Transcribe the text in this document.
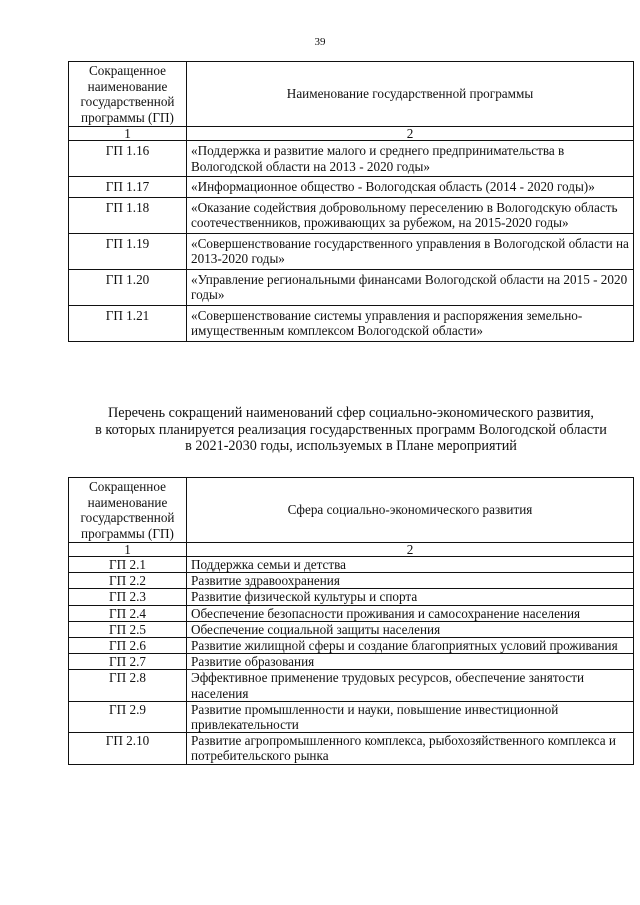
39
Сокращенное наименование государственной программы (ГП)	Наименование государственной программы
1	2
ГП 1.16	«Поддержка и развитие малого и среднего предпринимательства в Вологодской области на 2013 - 2020 годы»
ГП 1.17	«Информационное общество - Вологодская область (2014 - 2020 годы)»
ГП 1.18	«Оказание содействия добровольному переселению в Вологодскую область соотечественников, проживающих за рубежом, на 2015-2020 годы»
ГП 1.19	«Совершенствование государственного управления в Вологодской области на 2013-2020 годы»
ГП 1.20	«Управление региональными финансами Вологодской области на 2015 - 2020 годы»
ГП 1.21	«Совершенствование системы управления и распоряжения земельно-имущественным комплексом Вологодской области»
Перечень сокращений наименований сфер социально-экономического развития,
в которых планируется реализация государственных программ Вологодской области
в 2021-2030 годы, используемых в Плане мероприятий
Сокращенное наименование государственной программы (ГП)	Сфера социально-экономического развития
1	2
ГП 2.1	Поддержка семьи и детства
ГП 2.2	Развитие здравоохранения
ГП 2.3	Развитие физической культуры и спорта
ГП 2.4	Обеспечение безопасности проживания и самосохранение населения
ГП 2.5	Обеспечение социальной защиты населения
ГП 2.6	Развитие жилищной сферы и создание благоприятных условий проживания
ГП 2.7	Развитие образования
ГП 2.8	Эффективное применение трудовых ресурсов, обеспечение занятости населения
ГП 2.9	Развитие промышленности и науки, повышение инвестиционной привлекательности
ГП 2.10	Развитие агропромышленного комплекса, рыбохозяйственного комплекса и потребительского рынка
